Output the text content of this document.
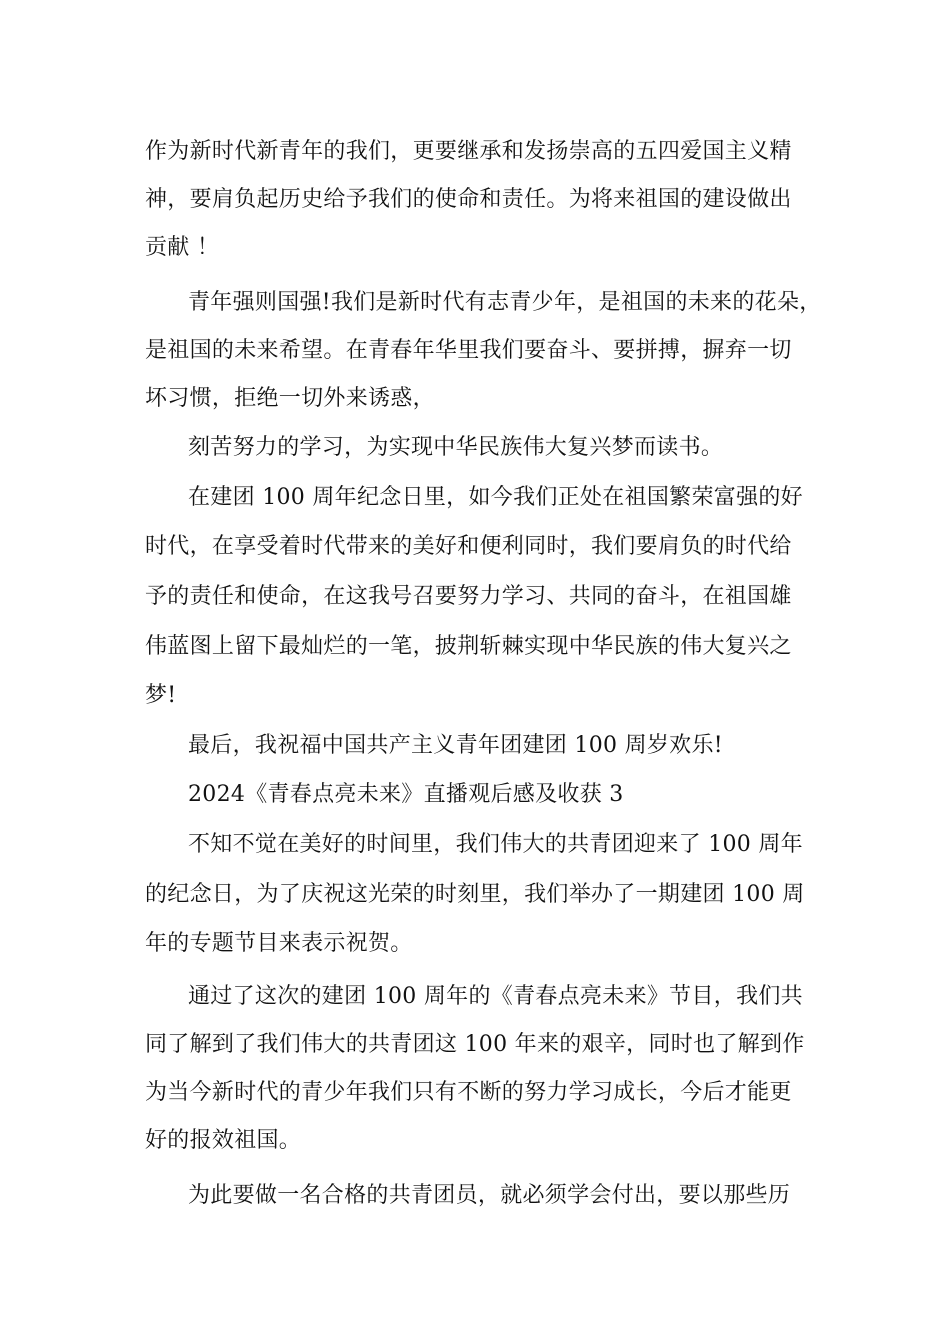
作为新时代新青年的我们，更要继承和发扬崇高的五四爱国主义精
神，要肩负起历史给予我们的使命和责任。为将来祖国的建设做出
贡献 ！
青年强则国强!我们是新时代有志青少年，是祖国的未来的花朵，
是祖国的未来希望。在青春年华里我们要奋斗、要拼搏，摒弃一切
坏习惯，拒绝一切外来诱惑，
刻苦努力的学习，为实现中华民族伟大复兴梦而读书。
在建团 100 周年纪念日里，如今我们正处在祖国繁荣富强的好
时代，在享受着时代带来的美好和便利同时，我们要肩负的时代给
予的责任和使命，在这我号召要努力学习、共同的奋斗，在祖国雄
伟蓝图上留下最灿烂的一笔，披荆斩棘实现中华民族的伟大复兴之
梦!
最后，我祝福中国共产主义青年团建团 100 周岁欢乐!
2024《青春点亮未来》直播观后感及收获 3
不知不觉在美好的时间里，我们伟大的共青团迎来了 100 周年
的纪念日，为了庆祝这光荣的时刻里，我们举办了一期建团 100 周
年的专题节目来表示祝贺。
通过了这次的建团 100 周年的《青春点亮未来》节目，我们共
同了解到了我们伟大的共青团这 100 年来的艰辛，同时也了解到作
为当今新时代的青少年我们只有不断的努力学习成长，今后才能更
好的报效祖国。
为此要做一名合格的共青团员，就必须学会付出，要以那些历
